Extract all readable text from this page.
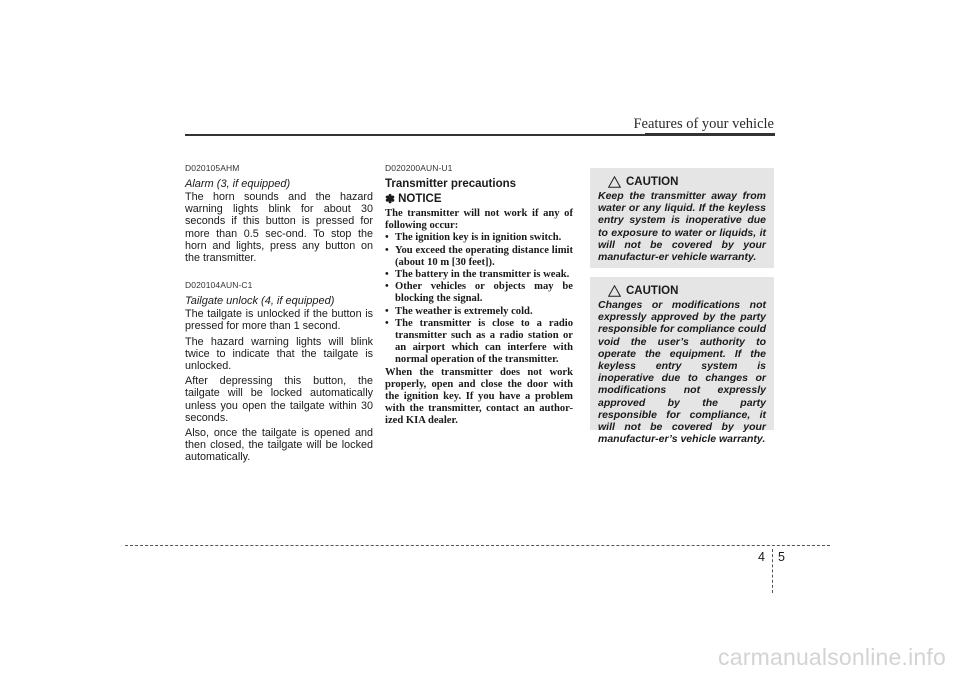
Features of your vehicle
D020105AHM
Alarm (3, if equipped)

The horn sounds and the hazard warning lights blink for about 30 seconds if this button is pressed for more than 0.5 sec-ond. To stop the horn and lights, press any button on the transmitter.

D020104AUN-C1
Tailgate unlock (4, if equipped)

The tailgate is unlocked if the button is pressed for more than 1 second.

The hazard warning lights will blink twice to indicate that the tailgate is unlocked.

After depressing this button, the tailgate will be locked automatically unless you open the tailgate within 30 seconds.

Also, once the tailgate is opened and then closed, the tailgate will be locked automatically.

D020200AUN-U1
Transmitter precautions
✽ NOTICE

The transmitter will not work if any of following occur:

• The ignition key is in ignition switch.
• You exceed the operating distance limit (about 10 m [30 feet]).
• The battery in the transmitter is weak.
• Other vehicles or objects may be blocking the signal.
• The weather is extremely cold.
• The transmitter is close to a radio transmitter such as a radio station or an airport which can interfere with normal operation of the transmitter.

When the transmitter does not work properly, open and close the door with the ignition key. If you have a problem with the transmitter, contact an author-ized KIA dealer.

CAUTION

Keep the transmitter away from water or any liquid. If the keyless entry system is inoperative due to exposure to water or liquids, it will not be covered by your manufactur-er vehicle warranty.

CAUTION

Changes or modifications not expressly approved by the party responsible for compliance could void the user’s authority to operate the equipment. If the keyless entry system is inoperative due to changes or modifications not expressly approved by the party responsible for compliance, it will not be covered by your manufactur-er’s vehicle warranty.

4 5
carmanualsonline.info
